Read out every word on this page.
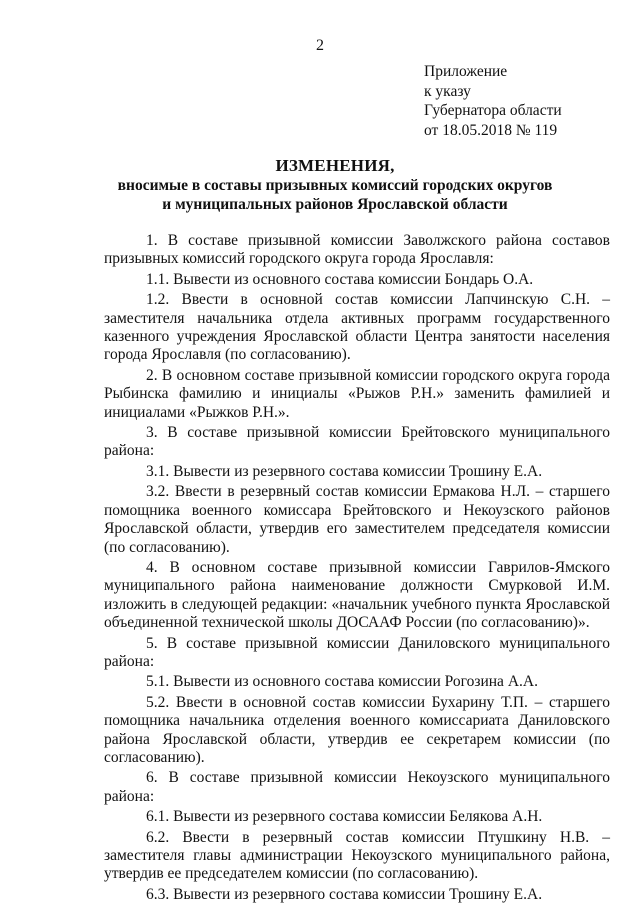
2
Приложение
к указу
Губернатора области
от 18.05.2018 № 119
ИЗМЕНЕНИЯ,
вносимые в составы призывных комиссий городских округов
и муниципальных районов Ярославской области

1. В составе призывной комиссии Заволжского района составов призывных комиссий городского округа города Ярославля:

1.1. Вывести из основного состава комиссии Бондарь О.А.

1.2. Ввести в основной состав комиссии Лапчинскую С.Н. – заместителя начальника отдела активных программ государственного казенного учреждения Ярославской области Центра занятости населения города Ярославля (по согласованию).

2. В основном составе призывной комиссии городского округа города Рыбинска фамилию и инициалы «Рыжов Р.Н.» заменить фамилией и инициалами «Рыжков Р.Н.».

3. В составе призывной комиссии Брейтовского муниципального района:

3.1. Вывести из резервного состава комиссии Трошину Е.А.

3.2. Ввести в резервный состав комиссии Ермакова Н.Л. – старшего помощника военного комиссара Брейтовского и Некоузского районов Ярославской области, утвердив его заместителем председателя комиссии (по согласованию).

4. В основном составе призывной комиссии Гаврилов-Ямского муниципального района наименование должности Смурковой И.М. изложить в следующей редакции: «начальник учебного пункта Ярославской объединенной технической школы ДОСААФ России (по согласованию)».

5. В составе призывной комиссии Даниловского муниципального района:

5.1. Вывести из основного состава комиссии Рогозина А.А.

5.2. Ввести в основной состав комиссии Бухарину Т.П. – старшего помощника начальника отделения военного комиссариата Даниловского района Ярославской области, утвердив ее секретарем комиссии (по согласованию).

6. В составе призывной комиссии Некоузского муниципального района:

6.1. Вывести из резервного состава комиссии Белякова А.Н.

6.2. Ввести в резервный состав комиссии Птушкину Н.В. – заместителя главы администрации Некоузского муниципального района, утвердив ее председателем комиссии (по согласованию).

6.3. Вывести из резервного состава комиссии Трошину Е.А.
